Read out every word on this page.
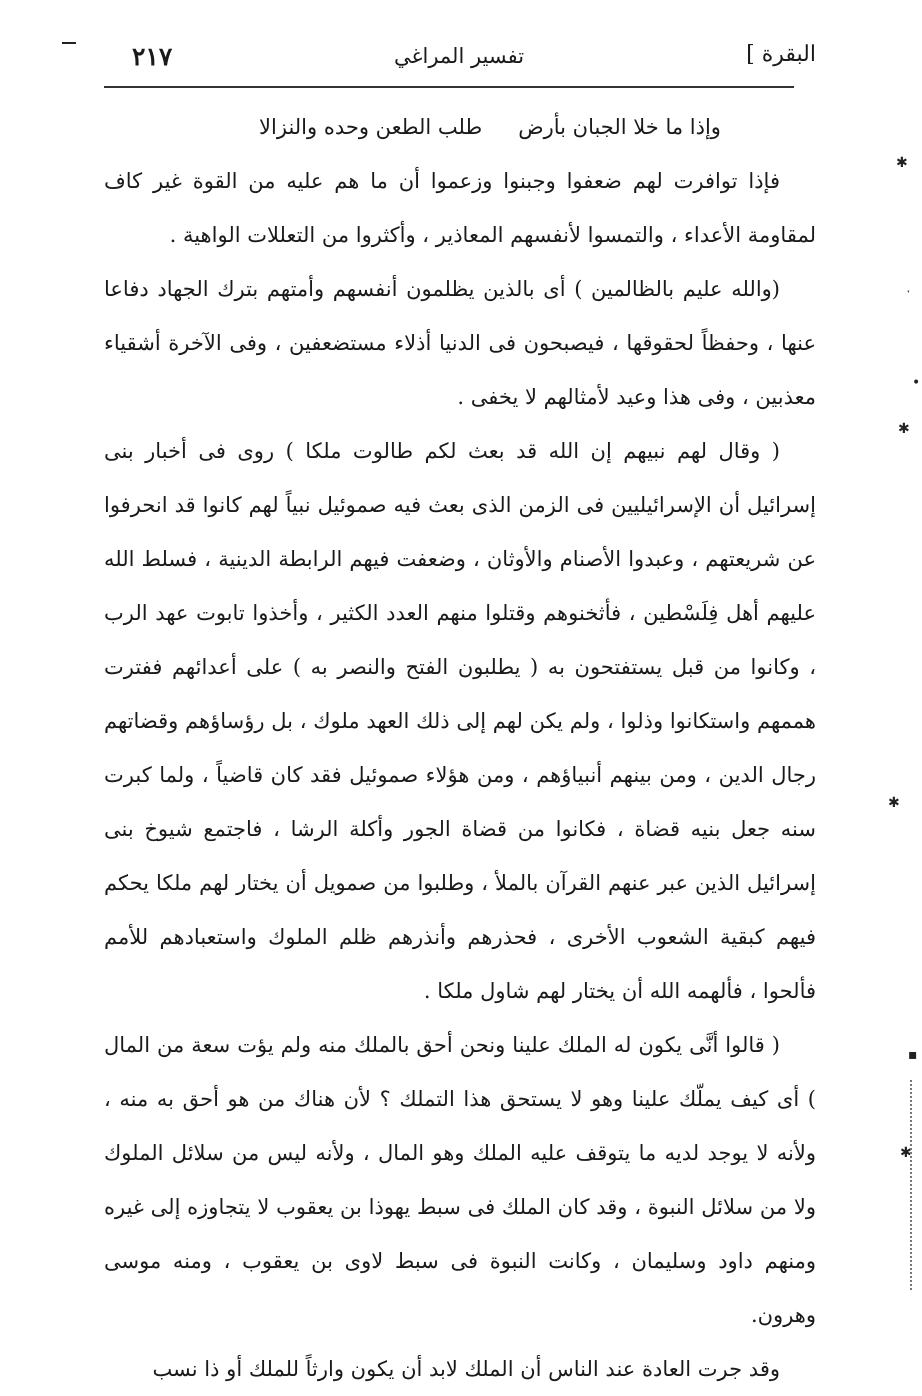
٢١٧	تفسير المراغي	البقرة ]

وإذا ما خلا الجبان بأرضطلب الطعن وحده والنزالا

فإذا توافرت لهم ضعفوا وجبنوا وزعموا أن ما هم عليه من القوة غير كاف لمقاومة الأعداء ، والتمسوا لأنفسهم المعاذير ، وأكثروا من التعللات الواهية .

(والله عليم بالظالمين ) أى بالذين يظلمون أنفسهم وأمتهم بترك الجهاد دفاعا عنها ، وحفظاً لحقوقها ، فيصبحون فى الدنيا أذلاء مستضعفين ، وفى الآخرة أشقياء معذبين ، وفى هذا وعيد لأمثالهم لا يخفى .

( وقال لهم نبيهم إن الله قد بعث لكم طالوت ملكا ) روى فى أخبار بنى إسرائيل أن الإسرائيليين فى الزمن الذى بعث فيه صموئيل نبياً لهم كانوا قد انحرفوا عن شريعتهم ، وعبدوا الأصنام والأوثان ، وضعفت فيهم الرابطة الدينية ، فسلط الله عليهم أهل فِلَسْطين ، فأثخنوهم وقتلوا منهم العدد الكثير ، وأخذوا تابوت عهد الرب ، وكانوا من قبل يستفتحون به ( يطلبون الفتح والنصر به ) على أعدائهم ففترت هممهم واستكانوا وذلوا ، ولم يكن لهم إلى ذلك العهد ملوك ، بل رؤساؤهم وقضاتهم رجال الدين ، ومن بينهم أنبياؤهم ، ومن هؤلاء صموئيل فقد كان قاضياً ، ولما كبرت سنه جعل بنيه قضاة ، فكانوا من قضاة الجور وأكلة الرشا ، فاجتمع شيوخ بنى إسرائيل الذين عبر عنهم القرآن بالملأ ، وطلبوا من صمويل أن يختار لهم ملكا يحكم فيهم كبقية الشعوب الأخرى ، فحذرهم وأنذرهم ظلم الملوك واستعبادهم للأمم فألحوا ، فألهمه الله أن يختار لهم شاول ملكا .

( قالوا أنَّى يكون له الملك علينا ونحن أحق بالملك منه ولم يؤت سعة من المال ) أى كيف يملّك علينا وهو لا يستحق هذا التملك ؟ لأن هناك من هو أحق به منه ، ولأنه لا يوجد لديه ما يتوقف عليه الملك وهو المال ، ولأنه ليس من سلائل الملوك ولا من سلائل النبوة ، وقد كان الملك فى سبط يهوذا بن يعقوب لا يتجاوزه إلى غيره ومنهم داود وسليمان ، وكانت النبوة فى سبط لاوى بن يعقوب ، ومنه موسى وهرون.

وقد جرت العادة عند الناس أن الملك لابد أن يكون وارثاً للملك أو ذا نسب

✱
ˑ
•
✱
✱
▪
✱
